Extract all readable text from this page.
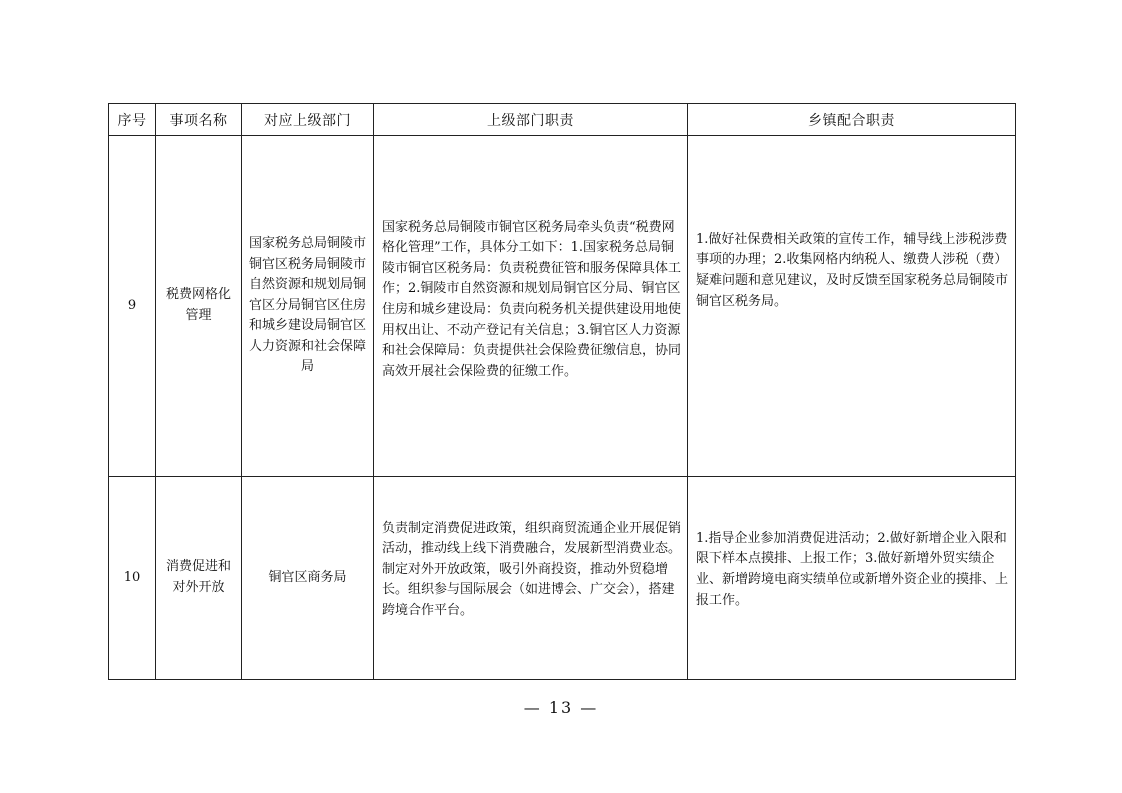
序号	事项名称	对应上级部门	上级部门职责	乡镇配合职责
9	税费网格化管理	国家税务总局铜陵市铜官区税务局铜陵市自然资源和规划局铜官区分局铜官区住房和城乡建设局铜官区人力资源和社会保障局	国家税务总局铜陵市铜官区税务局牵头负责“税费网格化管理”工作，具体分工如下：1.国家税务总局铜陵市铜官区税务局：负责税费征管和服务保障具体工作；2.铜陵市自然资源和规划局铜官区分局、铜官区住房和城乡建设局：负责向税务机关提供建设用地使用权出让、不动产登记有关信息；3.铜官区人力资源和社会保障局：负责提供社会保险费征缴信息，协同高效开展社会保险费的征缴工作。	1.做好社保费相关政策的宣传工作，辅导线上涉税涉费事项的办理；2.收集网格内纳税人、缴费人涉税（费）疑难问题和意见建议，及时反馈至国家税务总局铜陵市铜官区税务局。

10	消费促进和对外开放	铜官区商务局	负责制定消费促进政策，组织商贸流通企业开展促销活动，推动线上线下消费融合，发展新型消费业态。制定对外开放政策，吸引外商投资，推动外贸稳增长。组织参与国际展会（如进博会、广交会），搭建跨境合作平台。	1.指导企业参加消费促进活动；2.做好新增企业入限和限下样本点摸排、上报工作；3.做好新增外贸实绩企业、新增跨境电商实绩单位或新增外资企业的摸排、上报工作。
— 13 —
